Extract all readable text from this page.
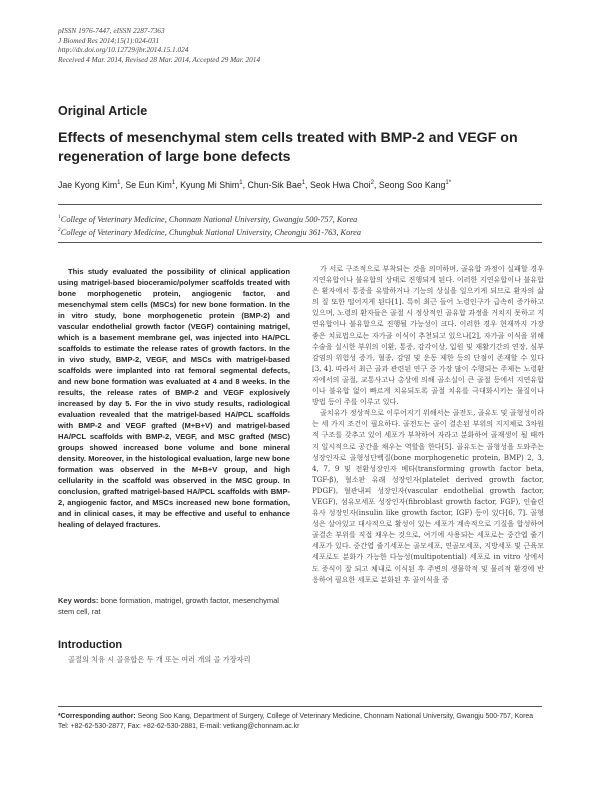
pISSN 1976-7447, eISSN 2287-7363
J Biomed Res 2014;15(1):024-031
http://dx.doi.org/10.12729/jbr.2014.15.1.024
Received 4 Mar. 2014, Revised 28 Mar. 2014, Accepted 29 Mar. 2014
Original Article
Effects of mesenchymal stem cells treated with BMP-2 and VEGF on regeneration of large bone defects
Jae Kyong Kim$^1$, Se Eun Kim$^1$, Kyung Mi Shim$^1$, Chun-Sik Bae$^1$, Seok Hwa Choi$^2$, Seong Soo Kang$^{1*}$
$^1$College of Veterinary Medicine, Chonnam National University, Gwangju 500-757, Korea
$^2$College of Veterinary Medicine, Chungbuk National University, Cheongju 361-763, Korea

This study evaluated the possibility of clinical application using matrigel-based bioceramic/polymer scaffolds treated with bone morphogenetic protein, angiogenic factor, and mesenchymal stem cells (MSCs) for new bone formation. In the in vitro study, bone morphogenetic protein (BMP-2) and vascular endothelial growth factor (VEGF) containing matrigel, which is a basement membrane gel, was injected into HA/PCL scaffolds to estimate the release rates of growth factors. In the in vivo study, BMP-2, VEGF, and MSCs with matrigel-based scaffolds were implanted into rat femoral segmental defects, and new bone formation was evaluated at 4 and 8 weeks. In the results, the release rates of BMP-2 and VEGF explosively increased by day 5. For the in vivo study results, radiological evaluation revealed that the matrigel-based HA/PCL scaffolds with BMP-2 and VEGF grafted (M+B+V) and matrigel-based HA/PCL scaffolds with BMP-2, VEGF, and MSC grafted (MSC) groups showed increased bone volume and bone mineral density. Moreover, in the histological evaluation, large new bone formation was observed in the M+B+V group, and high cellularity in the scaffold was observed in the MSC group. In conclusion, grafted matrigel-based HA/PCL scaffolds with BMP-2, angiogenic factor, and MSCs increased new bone formation, and in clinical cases, it may be effective and useful to enhance healing of delayed fractures.

Key words: bone formation, matrigel, growth factor, mesenchymal stem cell, rat

Introduction

골절의 치유 시 골유합은 두 개 또는 여러 개의 골 가장자리

가 서로 구조적으로 부착되는 것을 의미하며, 골유합 과정이 실패할 경우 지연유합이나 불유합의 상태로 진행되게 된다. 이러한 지연유합이나 불유합은 환자에서 통증을 유발하거나 기능의 상실을 일으키게 되므로 환자의 삶의 질 또한 떨어지게 된다[1]. 특히 최근 들어 노령인구가 급속히 증가하고 있으며, 노령의 환자들은 골절 시 정상적인 골유합 과정을 거치지 못하고 지연유합이나 불유합으로 진행될 가능성이 크다. 이러한 경우 현재까지 가장 좋은 치료법으로는 자가골 이식이 추천되고 있으나[2], 자가골 이식을 위해 수술을 실시한 부위의 이환, 통증, 감각이상, 입원 및 재활기간의 연장, 심부 감염의 위험성 증가, 혈종, 감염 및 운동 제한 등의 단점이 존재할 수 있다[3, 4]. 따라서 최근 골과 관련된 연구 중 가장 많이 수행되는 주제는 노령환자에서의 골절, 교통사고나 총상에 의해 골소실이 큰 골절 등에서 지연유합이나 불유합 없이 빠르게 치유되도록 골절 치유를 극대화시키는 물질이나 방법 등이 주를 이루고 있다.

골치유가 정상적으로 이루어지기 위해서는 골전도, 골유도 및 골형성이라는 세 가지 조건이 필요하다. 골전도는 골이 결손된 부위의 지지체로 3차원적 구조를 갖추고 있어 세포가 부착하여 자라고 분화하여 골재생이 될 때까지 일시적으로 공간을 채우는 역할을 한다[5]. 골유도는 골형성을 도와주는 성장인자로 골형성단백질(bone morphogenetic protein, BMP) 2, 3, 4, 7, 9 및 전환성장인자 베타(transforming growth factor beta, TGF-β), 혈소판 유래 성장인자(platelet derived growth factor, PDGF), 혈관내피 성장인자(vascular endothelial growth factor, VEGF), 섬유모세포 성장인자(fibroblast growth factor, FGF), 인슐린유사 성장인자(insulin like growth factor, IGF) 등이 있다[6, 7]. 골형성은 살아있고 대사적으로 활성이 있는 세포가 계속적으로 기질을 합성하여 골결손 부위를 직접 채우는 것으로, 여기에 사용되는 세포로는 중간엽 줄기세포가 있다. 중간엽 줄기세포는 골모세포, 연골모세포, 지방세포 및 근육모세포로도 분화가 가능한 다능성(multipotential) 세포로 in vitro 상에서도 증식이 잘 되고 체내로 이식된 후 주변의 생물학적 및 물리적 환경에 반응하여 필요한 세포로 분화된 후 골이식을 증

*Corresponding author: Seong Soo Kang, Department of Surgery, College of Veterinary Medicine, Chonnam National University, Gwangju 500-757, Korea
Tel: +82-62-530-2877, Fax: +82-62-530-2881, E-mail: vetkang@chonnam.ac.kr
